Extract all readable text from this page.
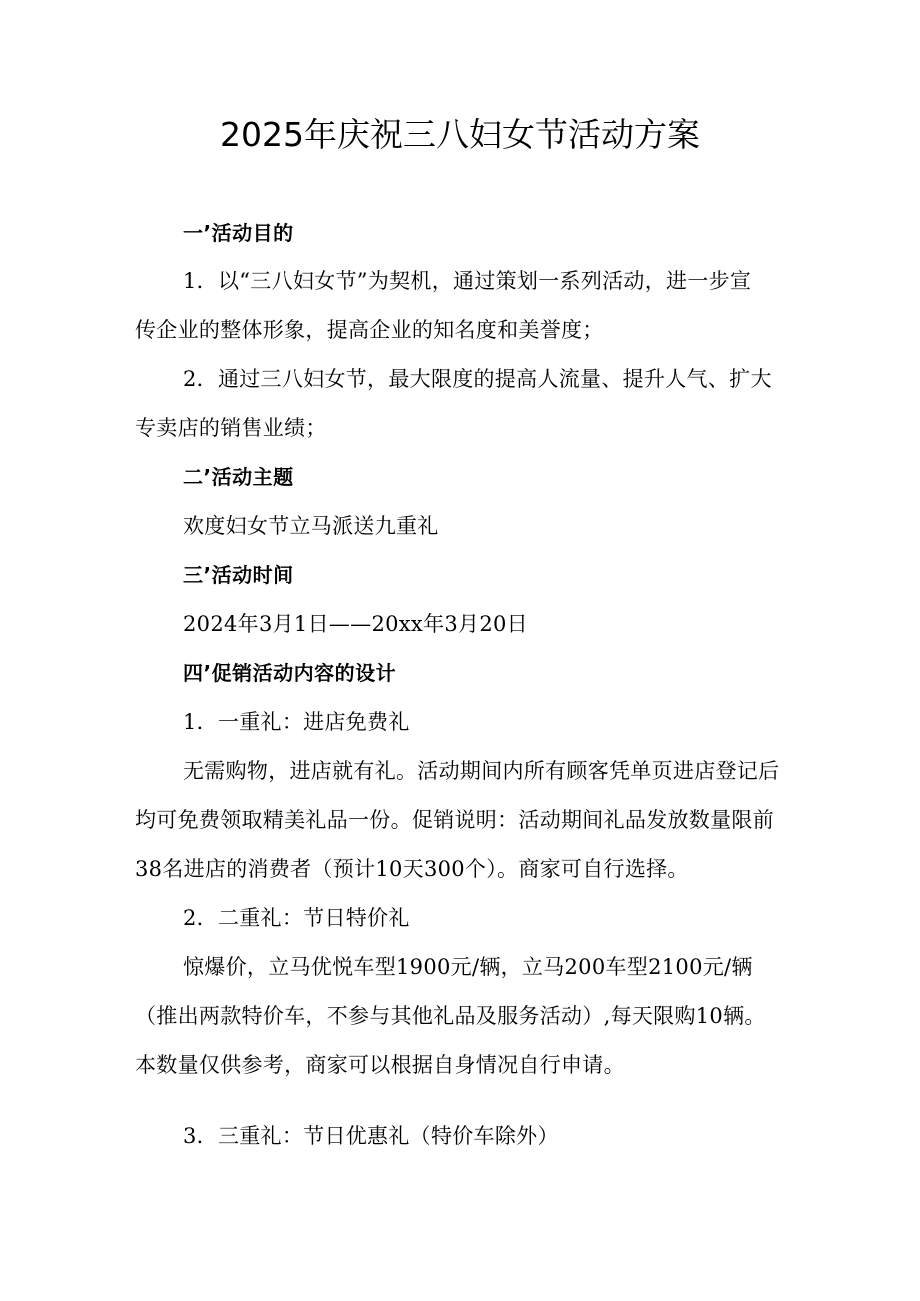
2025年庆祝三八妇女节活动方案
一’活动目的
1．以“三八妇女节”为契机，通过策划一系列活动，进一步宣
传企业的整体形象，提高企业的知名度和美誉度；
2．通过三八妇女节，最大限度的提高人流量、提升人气、扩大
专卖店的销售业绩；
二’活动主题
欢度妇女节立马派送九重礼
三’活动时间
2024年3月1日——20xx年3月20日
四’促销活动内容的设计
1．一重礼：进店免费礼
无需购物，进店就有礼。活动期间内所有顾客凭单页进店登记后
均可免费领取精美礼品一份。促销说明：活动期间礼品发放数量限前
38名进店的消费者（预计10天300个）。商家可自行选择。
2．二重礼：节日特价礼
惊爆价，立马优悦车型1900元/辆，立马200车型2100元/辆
（推出两款特价车，不参与其他礼品及服务活动）,每天限购10辆。
本数量仅供参考，商家可以根据自身情况自行申请。
3．三重礼：节日优惠礼（特价车除外）
